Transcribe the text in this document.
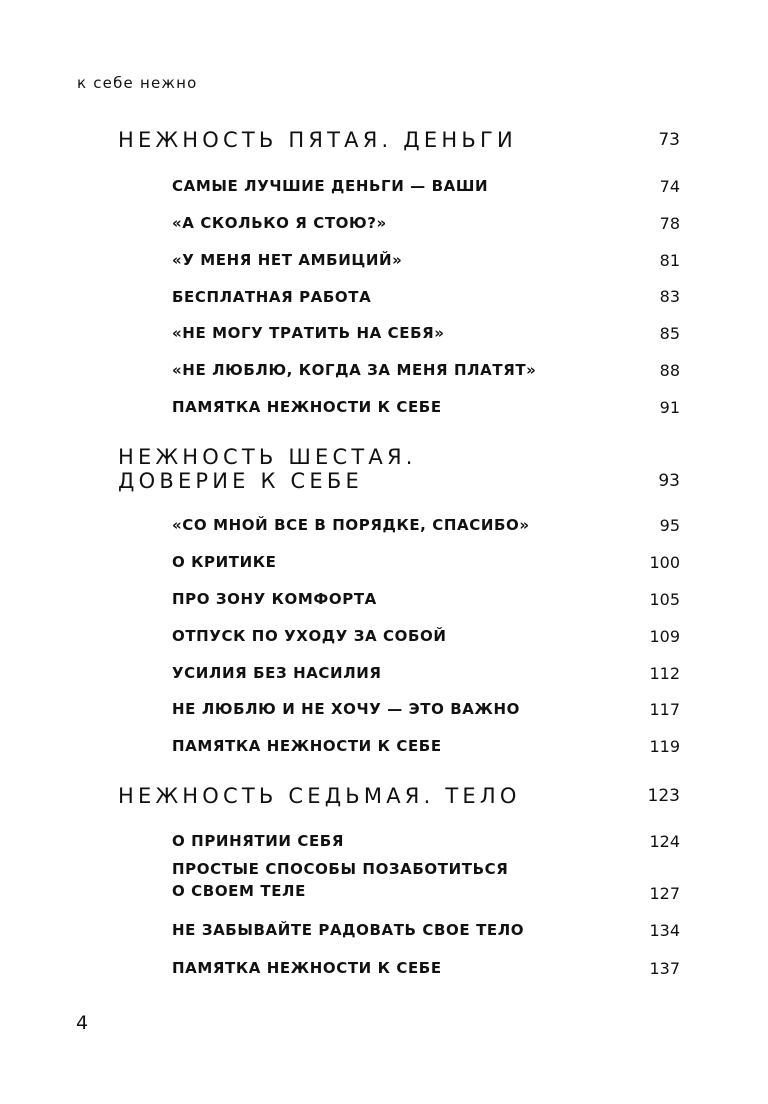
к себе нежно
НЕЖНОСТЬ ПЯТАЯ. ДЕНЬГИ	73
САМЫЕ ЛУЧШИЕ ДЕНЬГИ — ВАШИ	74
«А СКОЛЬКО Я СТОЮ?»	78
«У МЕНЯ НЕТ АМБИЦИЙ»	81
БЕСПЛАТНАЯ РАБОТА	83
«НЕ МОГУ ТРАТИТЬ НА СЕБЯ»	85
«НЕ ЛЮБЛЮ, КОГДА ЗА МЕНЯ ПЛАТЯТ»	88
ПАМЯТКА НЕЖНОСТИ К СЕБЕ	91
НЕЖНОСТЬ ШЕСТАЯ.
ДОВЕРИЕ К СЕБЕ	93
«СО МНОЙ ВСЕ В ПОРЯДКЕ, СПАСИБО»	95
О КРИТИКЕ	100
ПРО ЗОНУ КОМФОРТА	105
ОТПУСК ПО УХОДУ ЗА СОБОЙ	109
УСИЛИЯ БЕЗ НАСИЛИЯ	112
НЕ ЛЮБЛЮ И НЕ ХОЧУ — ЭТО ВАЖНО	117
ПАМЯТКА НЕЖНОСТИ К СЕБЕ	119
НЕЖНОСТЬ СЕДЬМАЯ. ТЕЛО	123
О ПРИНЯТИИ СЕБЯ	124
ПРОСТЫЕ СПОСОБЫ ПОЗАБОТИТЬСЯ
О СВОЕМ ТЕЛЕ	127
НЕ ЗАБЫВАЙТЕ РАДОВАТЬ СВОЕ ТЕЛО	134
ПАМЯТКА НЕЖНОСТИ К СЕБЕ	137
4
